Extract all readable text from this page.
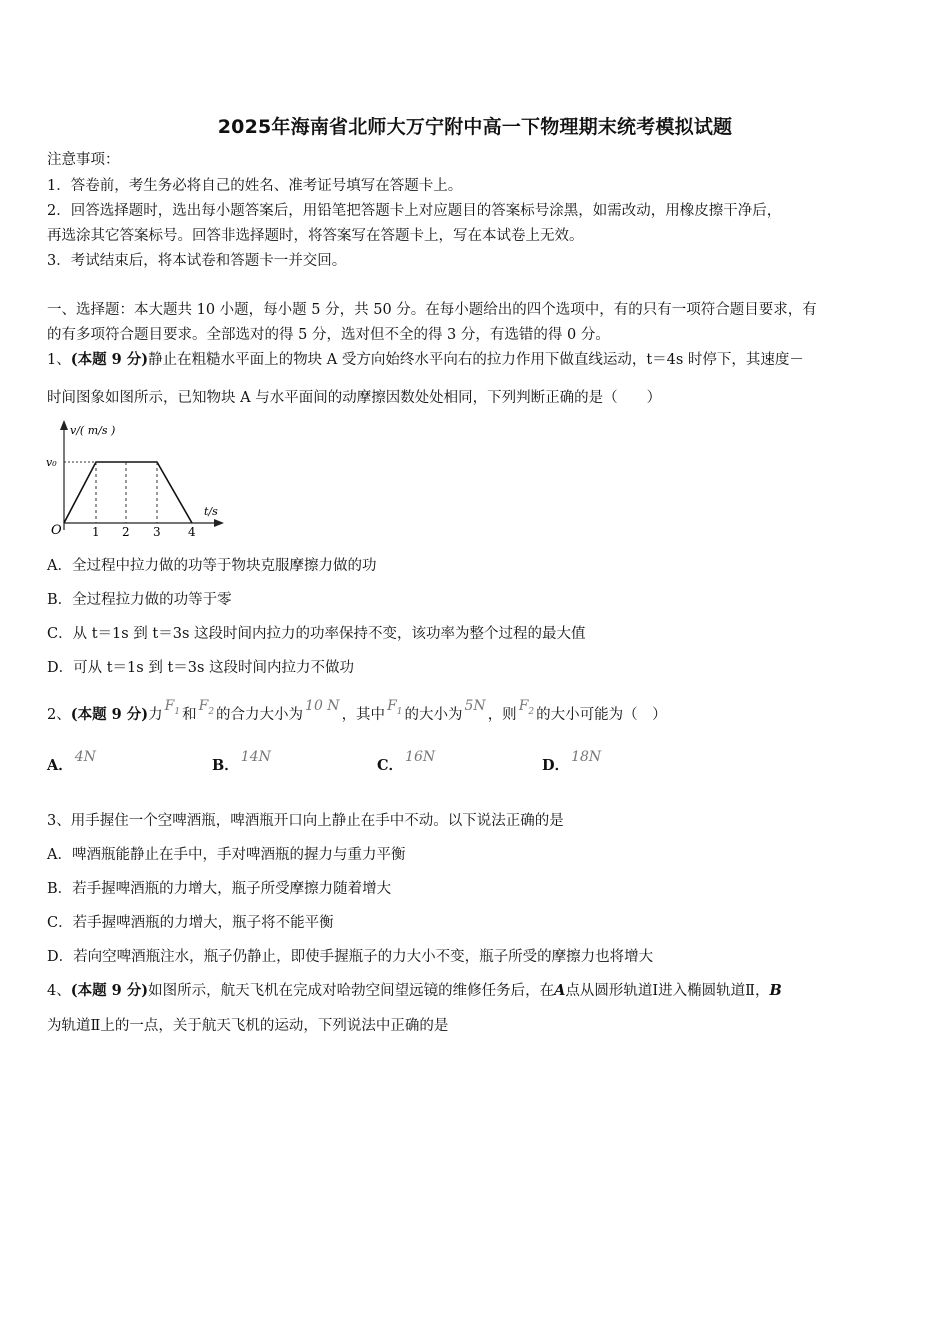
2025年海南省北师大万宁附中高一下物理期末统考模拟试题
注意事项：
1．答卷前，考生务必将自己的姓名、准考证号填写在答题卡上。
2．回答选择题时，选出每小题答案后，用铅笔把答题卡上对应题目的答案标号涂黑，如需改动，用橡皮擦干净后，
再选涂其它答案标号。回答非选择题时，将答案写在答题卡上，写在本试卷上无效。
3．考试结束后，将本试卷和答题卡一并交回。
一、选择题：本大题共 10 小题，每小题 5 分，共 50 分。在每小题给出的四个选项中，有的只有一项符合题目要求，有
的有多项符合题目要求。全部选对的得 5 分，选对但不全的得 3 分，有选错的得 0 分。
1、(本题 9 分)静止在粗糙水平面上的物块 A 受方向始终水平向右的拉力作用下做直线运动，t＝4s 时停下，其速度－
时间图象如图所示，已知物块 A 与水平面间的动摩擦因数处处相同，下列判断正确的是（　　）
v/( m/s )
v₀
O
t/s
1 2 3 4
A．全过程中拉力做的功等于物块克服摩擦力做的功
B．全过程拉力做的功等于零
C．从 t＝1s 到 t＝3s 这段时间内拉力的功率保持不变，该功率为整个过程的最大值
D．可从 t＝1s 到 t＝3s 这段时间内拉力不做功
2、(本题 9 分)力$F_1$ 和$F_2$ 的合力大小为10 N，其中$F_1$ 的大小为5N，则$F_2$ 的大小可能为（　）
A． 4N	B． 14N	C． 16N	D． 18N
3、用手握住一个空啤酒瓶，啤酒瓶开口向上静止在手中不动。以下说法正确的是
A．啤酒瓶能静止在手中，手对啤酒瓶的握力与重力平衡
B．若手握啤酒瓶的力增大，瓶子所受摩擦力随着增大
C．若手握啤酒瓶的力增大，瓶子将不能平衡
D．若向空啤酒瓶注水，瓶子仍静止，即使手握瓶子的力大小不变，瓶子所受的摩擦力也将增大
4、(本题 9 分)如图所示，航天飞机在完成对哈勃空间望远镜的维修任务后，在A点从圆形轨道Ⅰ进入椭圆轨道Ⅱ，B
为轨道Ⅱ上的一点，关于航天飞机的运动，下列说法中正确的是
